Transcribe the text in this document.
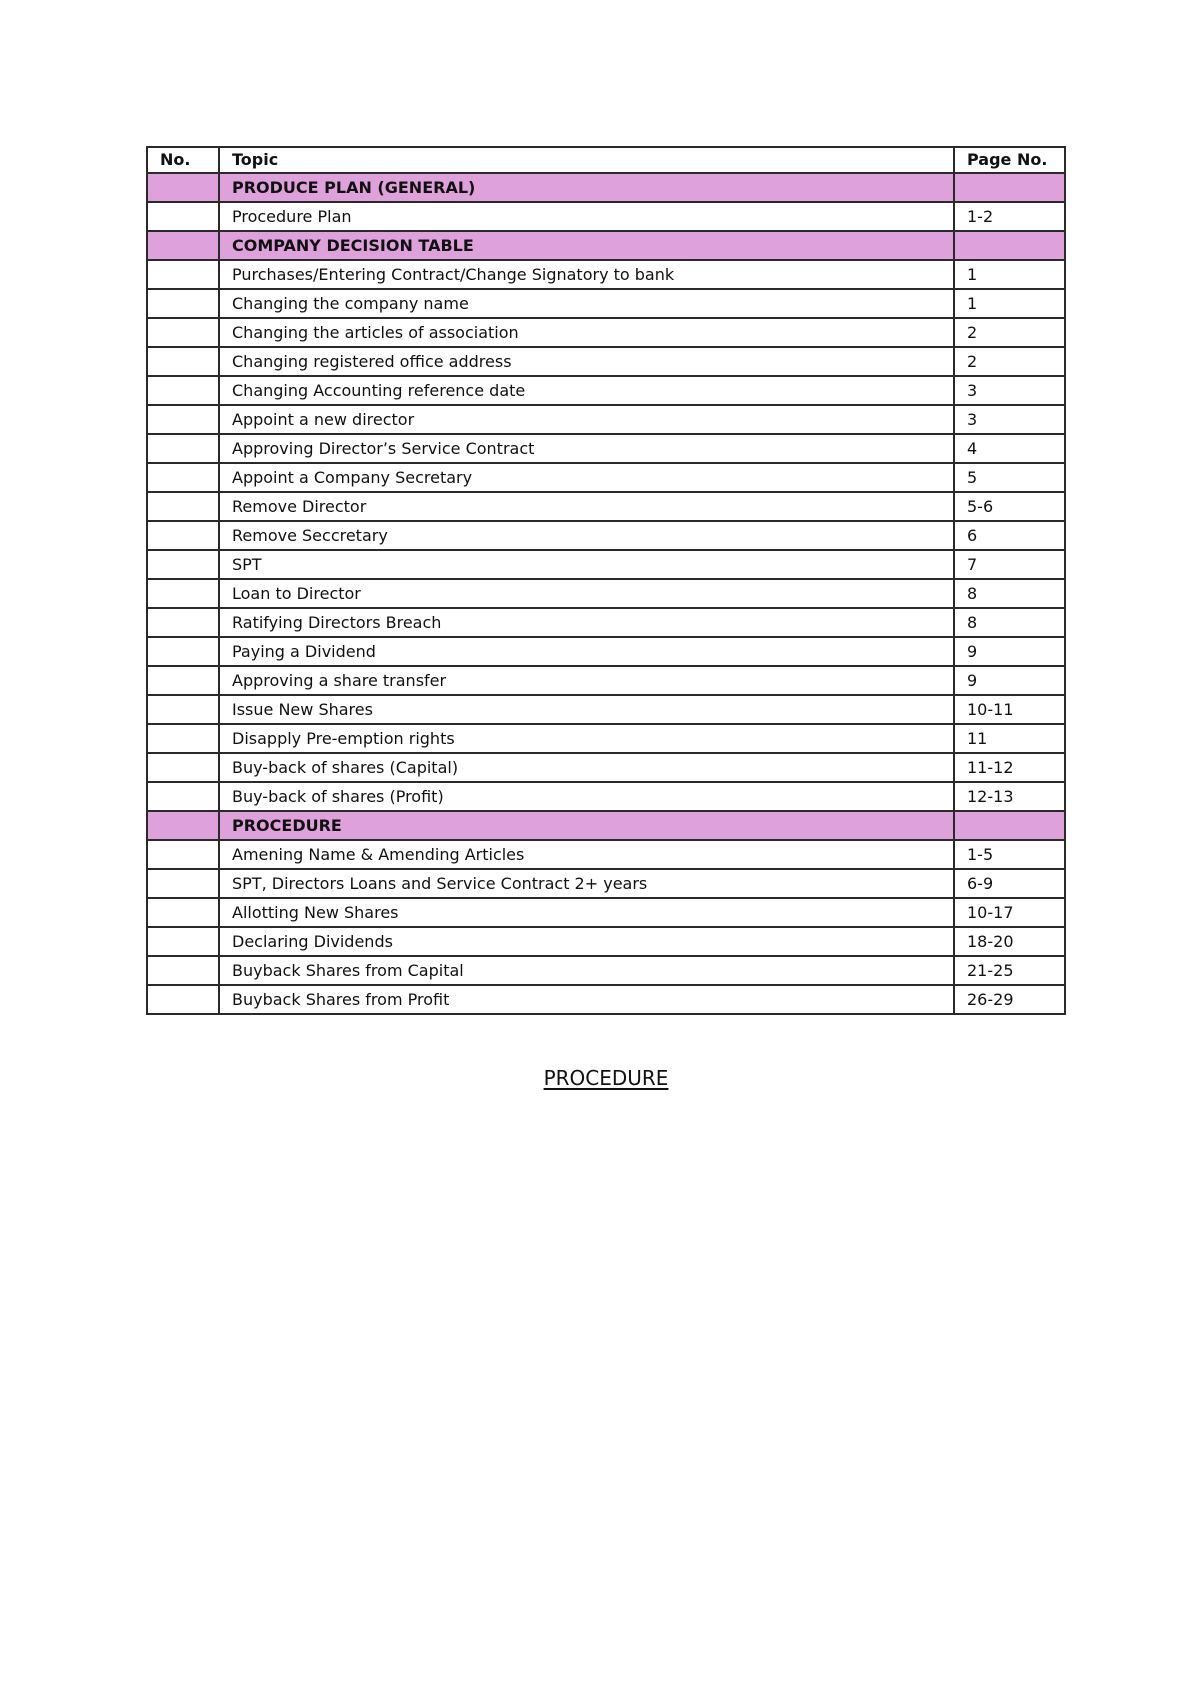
No.	Topic	Page No.
	PRODUCE PLAN (GENERAL)	
	Procedure Plan	1-2
	COMPANY DECISION TABLE	
	Purchases/Entering Contract/Change Signatory to bank	1
	Changing the company name	1
	Changing the articles of association	2
	Changing registered office address	2
	Changing Accounting reference date	3
	Appoint a new director	3
	Approving Director’s Service Contract	4
	Appoint a Company Secretary	5
	Remove Director	5-6
	Remove Seccretary	6
	SPT	7
	Loan to Director	8
	Ratifying Directors Breach	8
	Paying a Dividend	9
	Approving a share transfer	9
	Issue New Shares	10-11
	Disapply Pre-emption rights	11
	Buy-back of shares (Capital)	11-12
	Buy-back of shares (Profit)	12-13
	PROCEDURE	
	Amening Name & Amending Articles	1-5
	SPT, Directors Loans and Service Contract 2+ years	6-9
	Allotting New Shares	10-17
	Declaring Dividends	18-20
	Buyback Shares from Capital	21-25
	Buyback Shares from Profit	26-29
PROCEDURE
